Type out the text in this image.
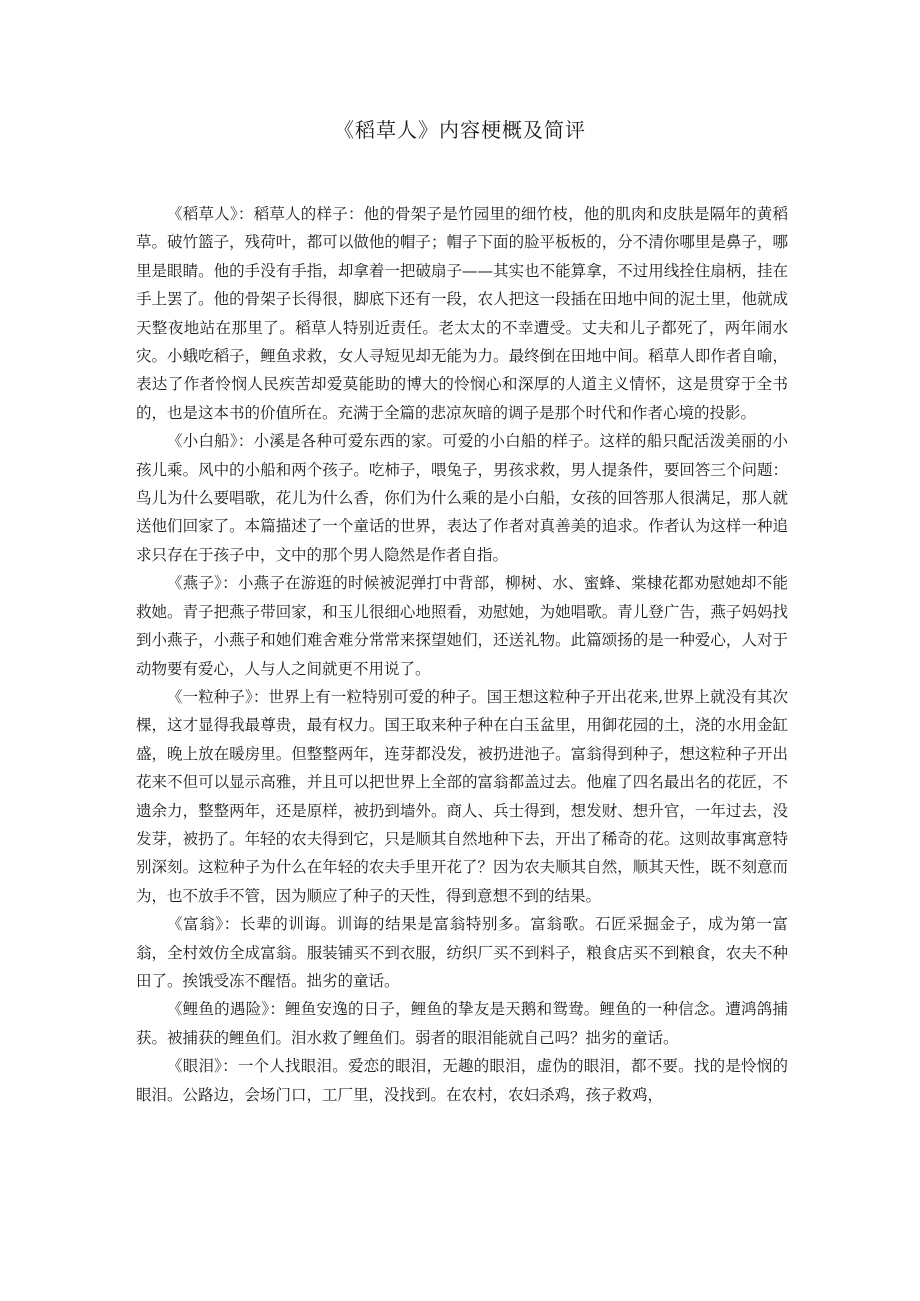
《稻草人》内容梗概及简评

《稻草人》：稻草人的样子：他的骨架子是竹园里的细竹枝，他的肌肉和皮肤是隔年的黄稻草。破竹篮子，残荷叶，都可以做他的帽子；帽子下面的脸平板板的，分不清你哪里是鼻子，哪里是眼睛。他的手没有手指，却拿着一把破扇子——其实也不能算拿，不过用线拴住扇柄，挂在手上罢了。他的骨架子长得很，脚底下还有一段，农人把这一段插在田地中间的泥土里，他就成天整夜地站在那里了。稻草人特别近责任。老太太的不幸遭受。丈夫和儿子都死了，两年闹水灾。小蛾吃稻子，鲤鱼求救，女人寻短见却无能为力。最终倒在田地中间。稻草人即作者自喻，表达了作者怜悯人民疾苦却爱莫能助的博大的怜悯心和深厚的人道主义情怀，这是贯穿于全书的，也是这本书的价值所在。充满于全篇的悲凉灰暗的调子是那个时代和作者心境的投影。

《小白船》：小溪是各种可爱东西的家。可爱的小白船的样子。这样的船只配活泼美丽的小孩儿乘。风中的小船和两个孩子。吃柿子，喂兔子，男孩求救，男人提条件，要回答三个问题：鸟儿为什么要唱歌，花儿为什么香，你们为什么乘的是小白船，女孩的回答那人很满足，那人就送他们回家了。本篇描述了一个童话的世界，表达了作者对真善美的追求。作者认为这样一种追求只存在于孩子中，文中的那个男人隐然是作者自指。

《燕子》：小燕子在游逛的时候被泥弹打中背部，柳树、水、蜜蜂、棠棣花都劝慰她却不能救她。青子把燕子带回家，和玉儿很细心地照看，劝慰她，为她唱歌。青儿登广告，燕子妈妈找到小燕子，小燕子和她们难舍难分常常来探望她们，还送礼物。此篇颂扬的是一种爱心，人对于动物要有爱心，人与人之间就更不用说了。

《一粒种子》：世界上有一粒特别可爱的种子。国王想这粒种子开出花来,世界上就没有其次棵，这才显得我最尊贵，最有权力。国王取来种子种在白玉盆里，用御花园的土，浇的水用金缸盛，晚上放在暖房里。但整整两年，连芽都没发，被扔进池子。富翁得到种子，想这粒种子开出花来不但可以显示高雅，并且可以把世界上全部的富翁都盖过去。他雇了四名最出名的花匠，不遗余力，整整两年，还是原样，被扔到墙外。商人、兵士得到，想发财、想升官，一年过去，没发芽，被扔了。年轻的农夫得到它，只是顺其自然地种下去，开出了稀奇的花。这则故事寓意特别深刻。这粒种子为什么在年轻的农夫手里开花了？因为农夫顺其自然，顺其天性，既不刻意而为，也不放手不管，因为顺应了种子的天性，得到意想不到的结果。

《富翁》：长辈的训诲。训诲的结果是富翁特别多。富翁歌。石匠采掘金子，成为第一富翁，全村效仿全成富翁。服装铺买不到衣服，纺织厂买不到料子，粮食店买不到粮食，农夫不种田了。挨饿受冻不醒悟。拙劣的童话。

《鲤鱼的遇险》：鲤鱼安逸的日子，鲤鱼的挚友是天鹅和鸳鸯。鲤鱼的一种信念。遭鸿鸽捕获。被捕获的鲤鱼们。泪水救了鲤鱼们。弱者的眼泪能就自己吗？拙劣的童话。

《眼泪》：一个人找眼泪。爱恋的眼泪，无趣的眼泪，虚伪的眼泪，都不要。找的是怜悯的眼泪。公路边，会场门口，工厂里，没找到。在农村，农妇杀鸡，孩子救鸡，
